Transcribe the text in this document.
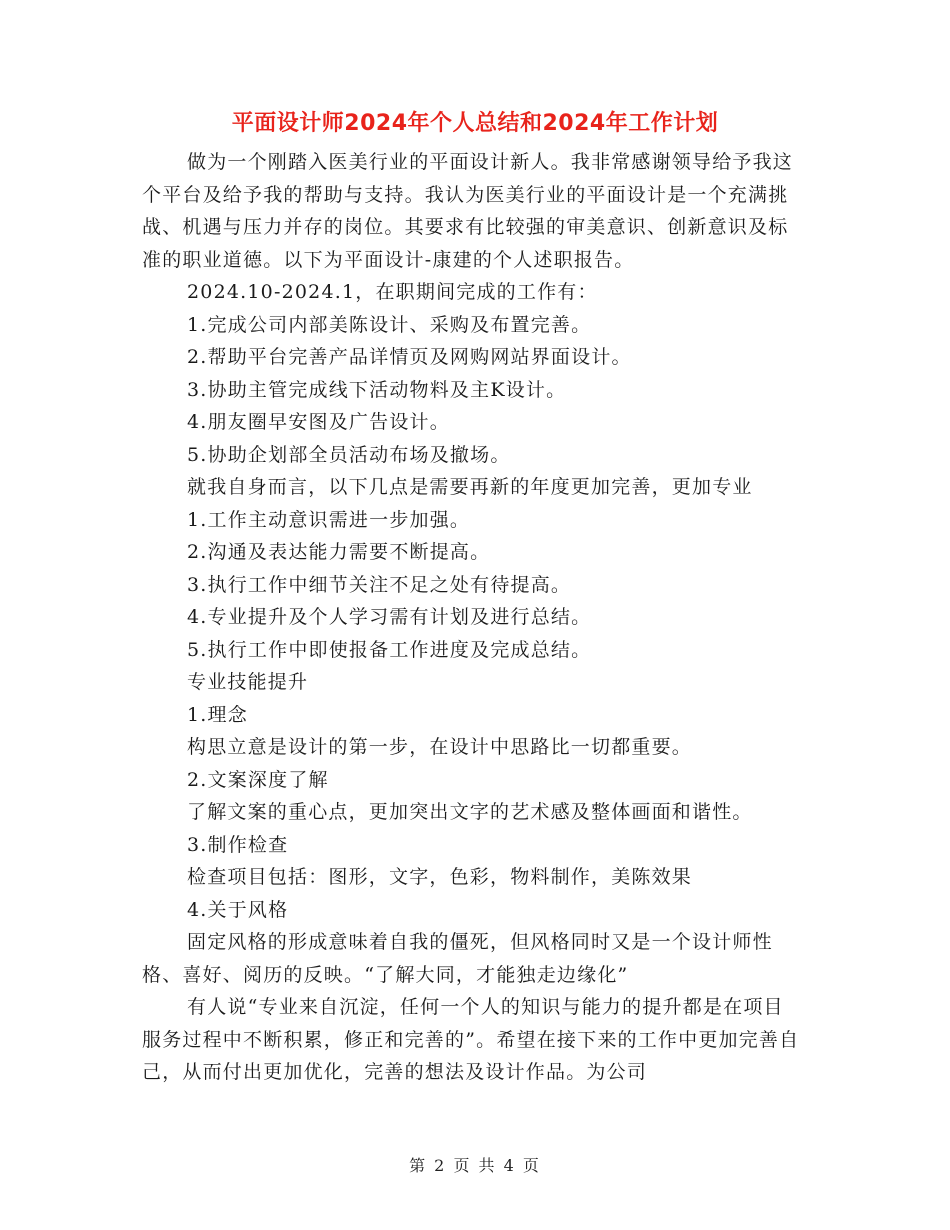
平面设计师2024年个人总结和2024年工作计划

做为一个刚踏入医美行业的平面设计新人。我非常感谢领导给予我这个平台及给予我的帮助与支持。我认为医美行业的平面设计是一个充满挑战、机遇与压力并存的岗位。其要求有比较强的审美意识、创新意识及标准的职业道德。以下为平面设计-康建的个人述职报告。

2024.10-2024.1，在职期间完成的工作有：

1.完成公司内部美陈设计、采购及布置完善。

2.帮助平台完善产品详情页及网购网站界面设计。

3.协助主管完成线下活动物料及主K设计。

4.朋友圈早安图及广告设计。

5.协助企划部全员活动布场及撤场。

就我自身而言，以下几点是需要再新的年度更加完善，更加专业

1.工作主动意识需进一步加强。

2.沟通及表达能力需要不断提高。

3.执行工作中细节关注不足之处有待提高。

4.专业提升及个人学习需有计划及进行总结。

5.执行工作中即使报备工作进度及完成总结。

专业技能提升

1.理念

构思立意是设计的第一步，在设计中思路比一切都重要。

2.文案深度了解

了解文案的重心点，更加突出文字的艺术感及整体画面和谐性。

3.制作检查

检查项目包括：图形，文字，色彩，物料制作，美陈效果

4.关于风格

固定风格的形成意味着自我的僵死，但风格同时又是一个设计师性格、喜好、阅历的反映。“了解大同，才能独走边缘化”

有人说“专业来自沉淀，任何一个人的知识与能力的提升都是在项目服务过程中不断积累，修正和完善的”。希望在接下来的工作中更加完善自己，从而付出更加优化，完善的想法及设计作品。为公司

第 2 页 共 4 页
